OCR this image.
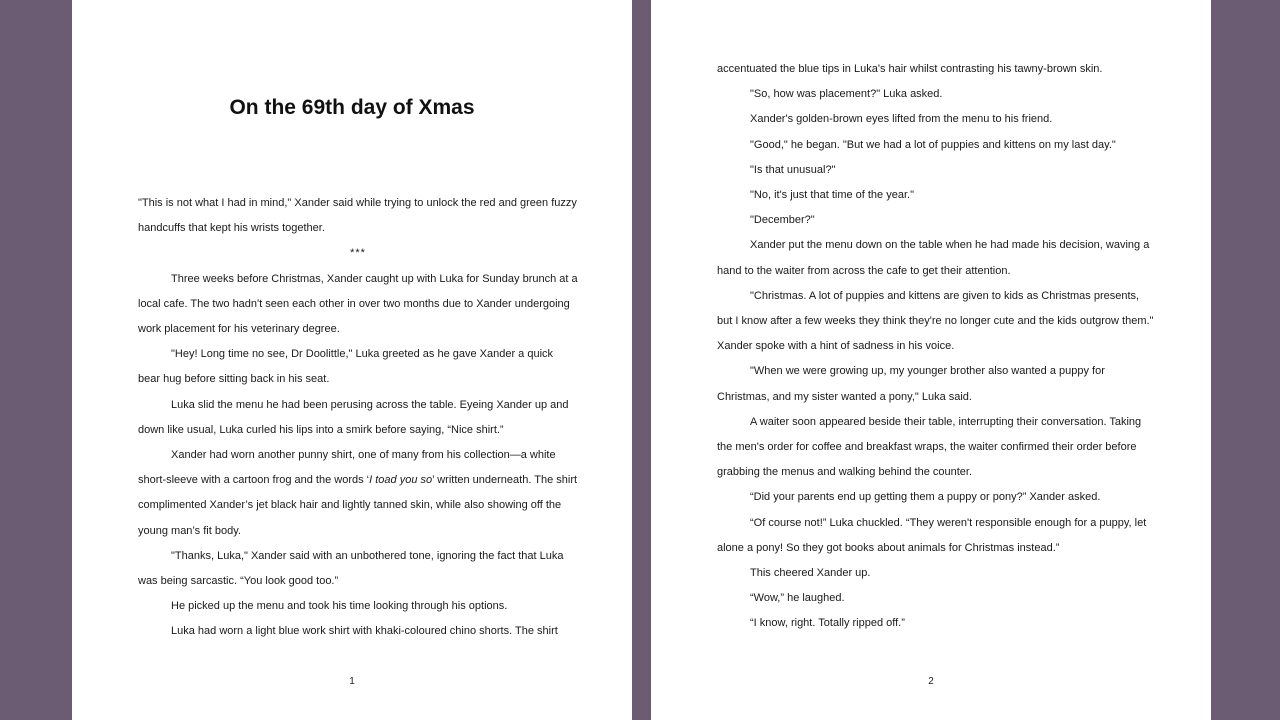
On the 69th day of Xmas

"This is not what I had in mind," Xander said while trying to unlock the red and green fuzzy handcuffs that kept his wrists together.

***

Three weeks before Christmas, Xander caught up with Luka for Sunday brunch at a local cafe. The two hadn't seen each other in over two months due to Xander undergoing work placement for his veterinary degree.

"Hey! Long time no see, Dr Doolittle," Luka greeted as he gave Xander a quick bear hug before sitting back in his seat.

Luka slid the menu he had been perusing across the table. Eyeing Xander up and down like usual, Luka curled his lips into a smirk before saying, “Nice shirt.”

Xander had worn another punny shirt, one of many from his collection—a white short-sleeve with a cartoon frog and the words ‘I toad you so’ written underneath. The shirt complimented Xander’s jet black hair and lightly tanned skin, while also showing off the young man’s fit body.

"Thanks, Luka," Xander said with an unbothered tone, ignoring the fact that Luka was being sarcastic. “You look good too.”

He picked up the menu and took his time looking through his options.

Luka had worn a light blue work shirt with khaki-coloured chino shorts. The shirt

1

accentuated the blue tips in Luka's hair whilst contrasting his tawny-brown skin.

"So, how was placement?" Luka asked.

Xander's golden-brown eyes lifted from the menu to his friend.

"Good," he began. "But we had a lot of puppies and kittens on my last day."

"Is that unusual?"

"No, it's just that time of the year."

"December?"

Xander put the menu down on the table when he had made his decision, waving a hand to the waiter from across the cafe to get their attention.

"Christmas. A lot of puppies and kittens are given to kids as Christmas presents, but I know after a few weeks they think they're no longer cute and the kids outgrow them." Xander spoke with a hint of sadness in his voice.

"When we were growing up, my younger brother also wanted a puppy for Christmas, and my sister wanted a pony," Luka said.

A waiter soon appeared beside their table, interrupting their conversation. Taking the men's order for coffee and breakfast wraps, the waiter confirmed their order before grabbing the menus and walking behind the counter.

“Did your parents end up getting them a puppy or pony?” Xander asked.

“Of course not!” Luka chuckled. “They weren't responsible enough for a puppy, let alone a pony! So they got books about animals for Christmas instead.”

This cheered Xander up.

“Wow,” he laughed.

“I know, right. Totally ripped off.”

2
